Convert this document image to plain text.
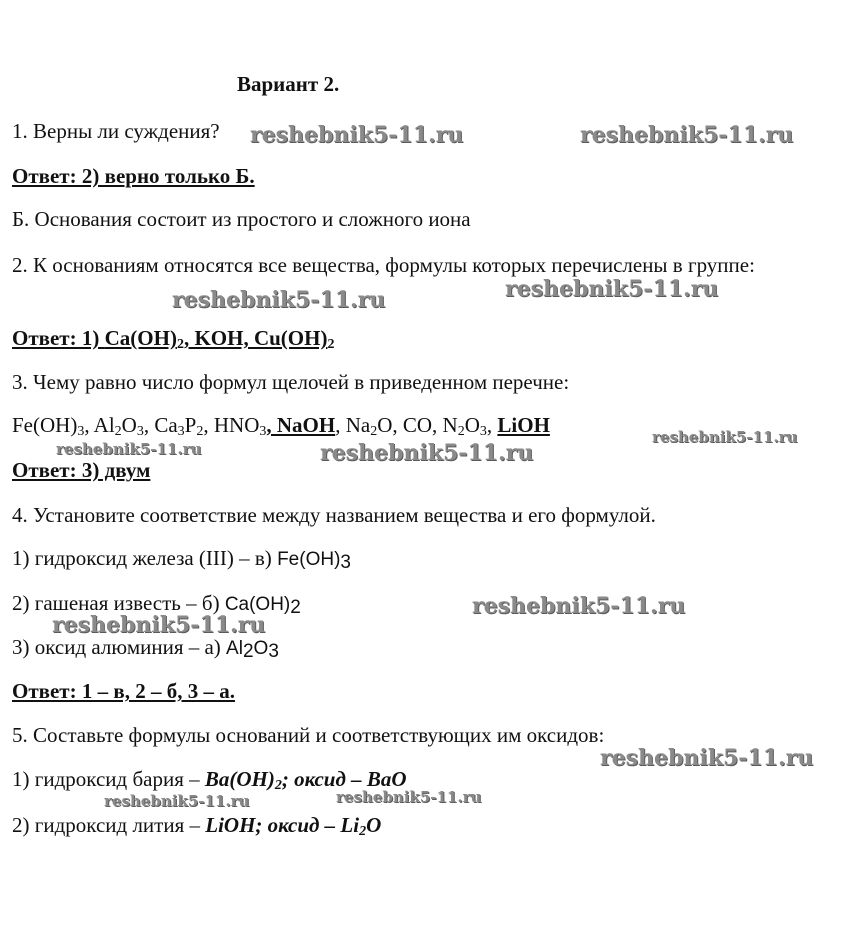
Вариант 2.
1. Верны ли суждения?
Ответ: 2) верно только Б.
Б. Основания состоит из простого и сложного иона
2. К основаниям относятся все вещества, формулы которых перечислены в группе:
Ответ: 1) $Ca(OH)_2$, KOH, $Cu(OH)_2$
3. Чему равно число формул щелочей в приведенном перечне:
$Fe(OH)_3$, $Al_2O_3$, $Ca_3P_2$, $HNO_3$, NaOH, $Na_2O$, CO, $N_2O_3$, LiOH
Ответ: 3) двум
4. Установите соответствие между названием вещества и его формулой.
1) гидроксид железа (III) – в) $Fe(OH)_3$
2) гашеная известь – б) $Ca(OH)_2$
3) оксид алюминия – а) $Al_2O_3$
Ответ: 1 – в, 2 – б, 3 – а.
5. Составьте формулы оснований и соответствующих им оксидов:
1) гидроксид бария – $Ba(OH)_2$; оксид – BaO
2) гидроксид лития – LiOH; оксид – $Li_2O$
reshebnik5-11.ru	reshebnik5-11.ru
reshebnik5-11.ru	reshebnik5-11.ru
reshebnik5-11.ru	reshebnik5-11.ru
reshebnik5-11.ru
reshebnik5-11.ru
reshebnik5-11.ru
reshebnik5-11.ru
reshebnik5-11.ru	reshebnik5-11.ru
